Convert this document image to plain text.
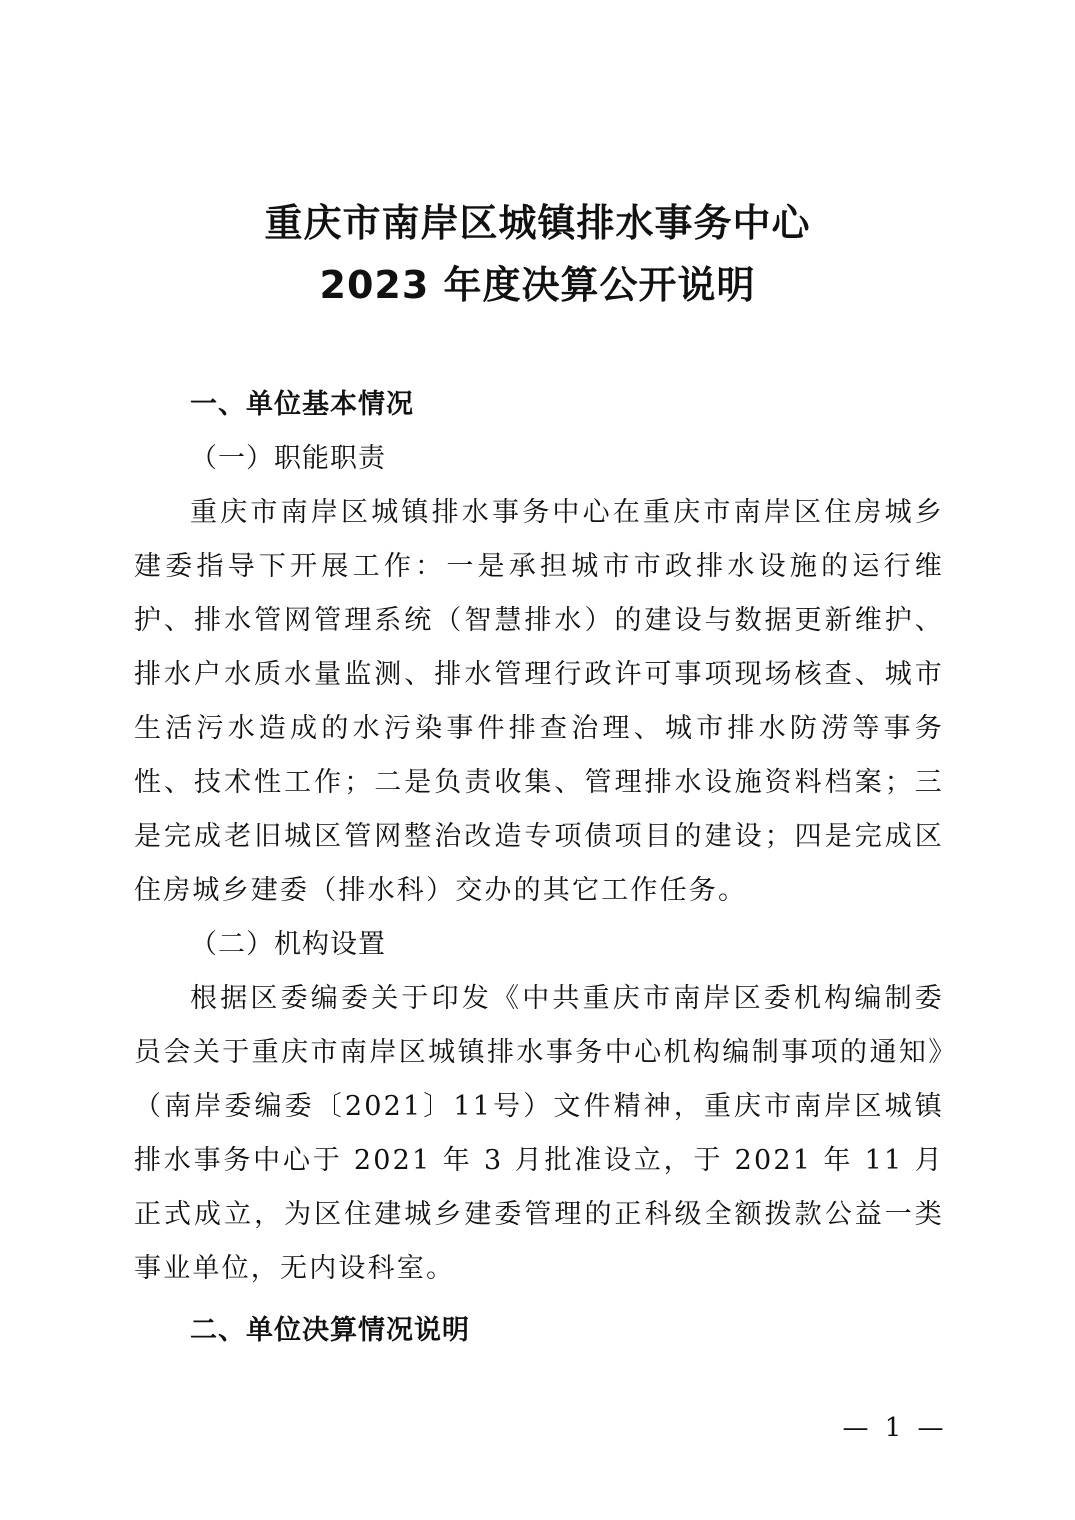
重庆市南岸区城镇排水事务中心
2023 年度决算公开说明
一、单位基本情况
（一）职能职责
重庆市南岸区城镇排水事务中心在重庆市南岸区住房城乡建委指导下开展工作：一是承担城市市政排水设施的运行维护、排水管网管理系统（智慧排水）的建设与数据更新维护、排水户水质水量监测、排水管理行政许可事项现场核查、城市生活污水造成的水污染事件排查治理、城市排水防涝等事务性、技术性工作；二是负责收集、管理排水设施资料档案；三是完成老旧城区管网整治改造专项债项目的建设；四是完成区住房城乡建委（排水科）交办的其它工作任务。
（二）机构设置
根据区委编委关于印发《中共重庆市南岸区委机构编制委员会关于重庆市南岸区城镇排水事务中心机构编制事项的通知》（南岸委编委〔2021〕11号）文件精神，重庆市南岸区城镇排水事务中心于 2021 年 3 月批准设立，于 2021 年 11 月正式成立，为区住建城乡建委管理的正科级全额拨款公益一类事业单位，无内设科室。
二、单位决算情况说明
— 1 —
